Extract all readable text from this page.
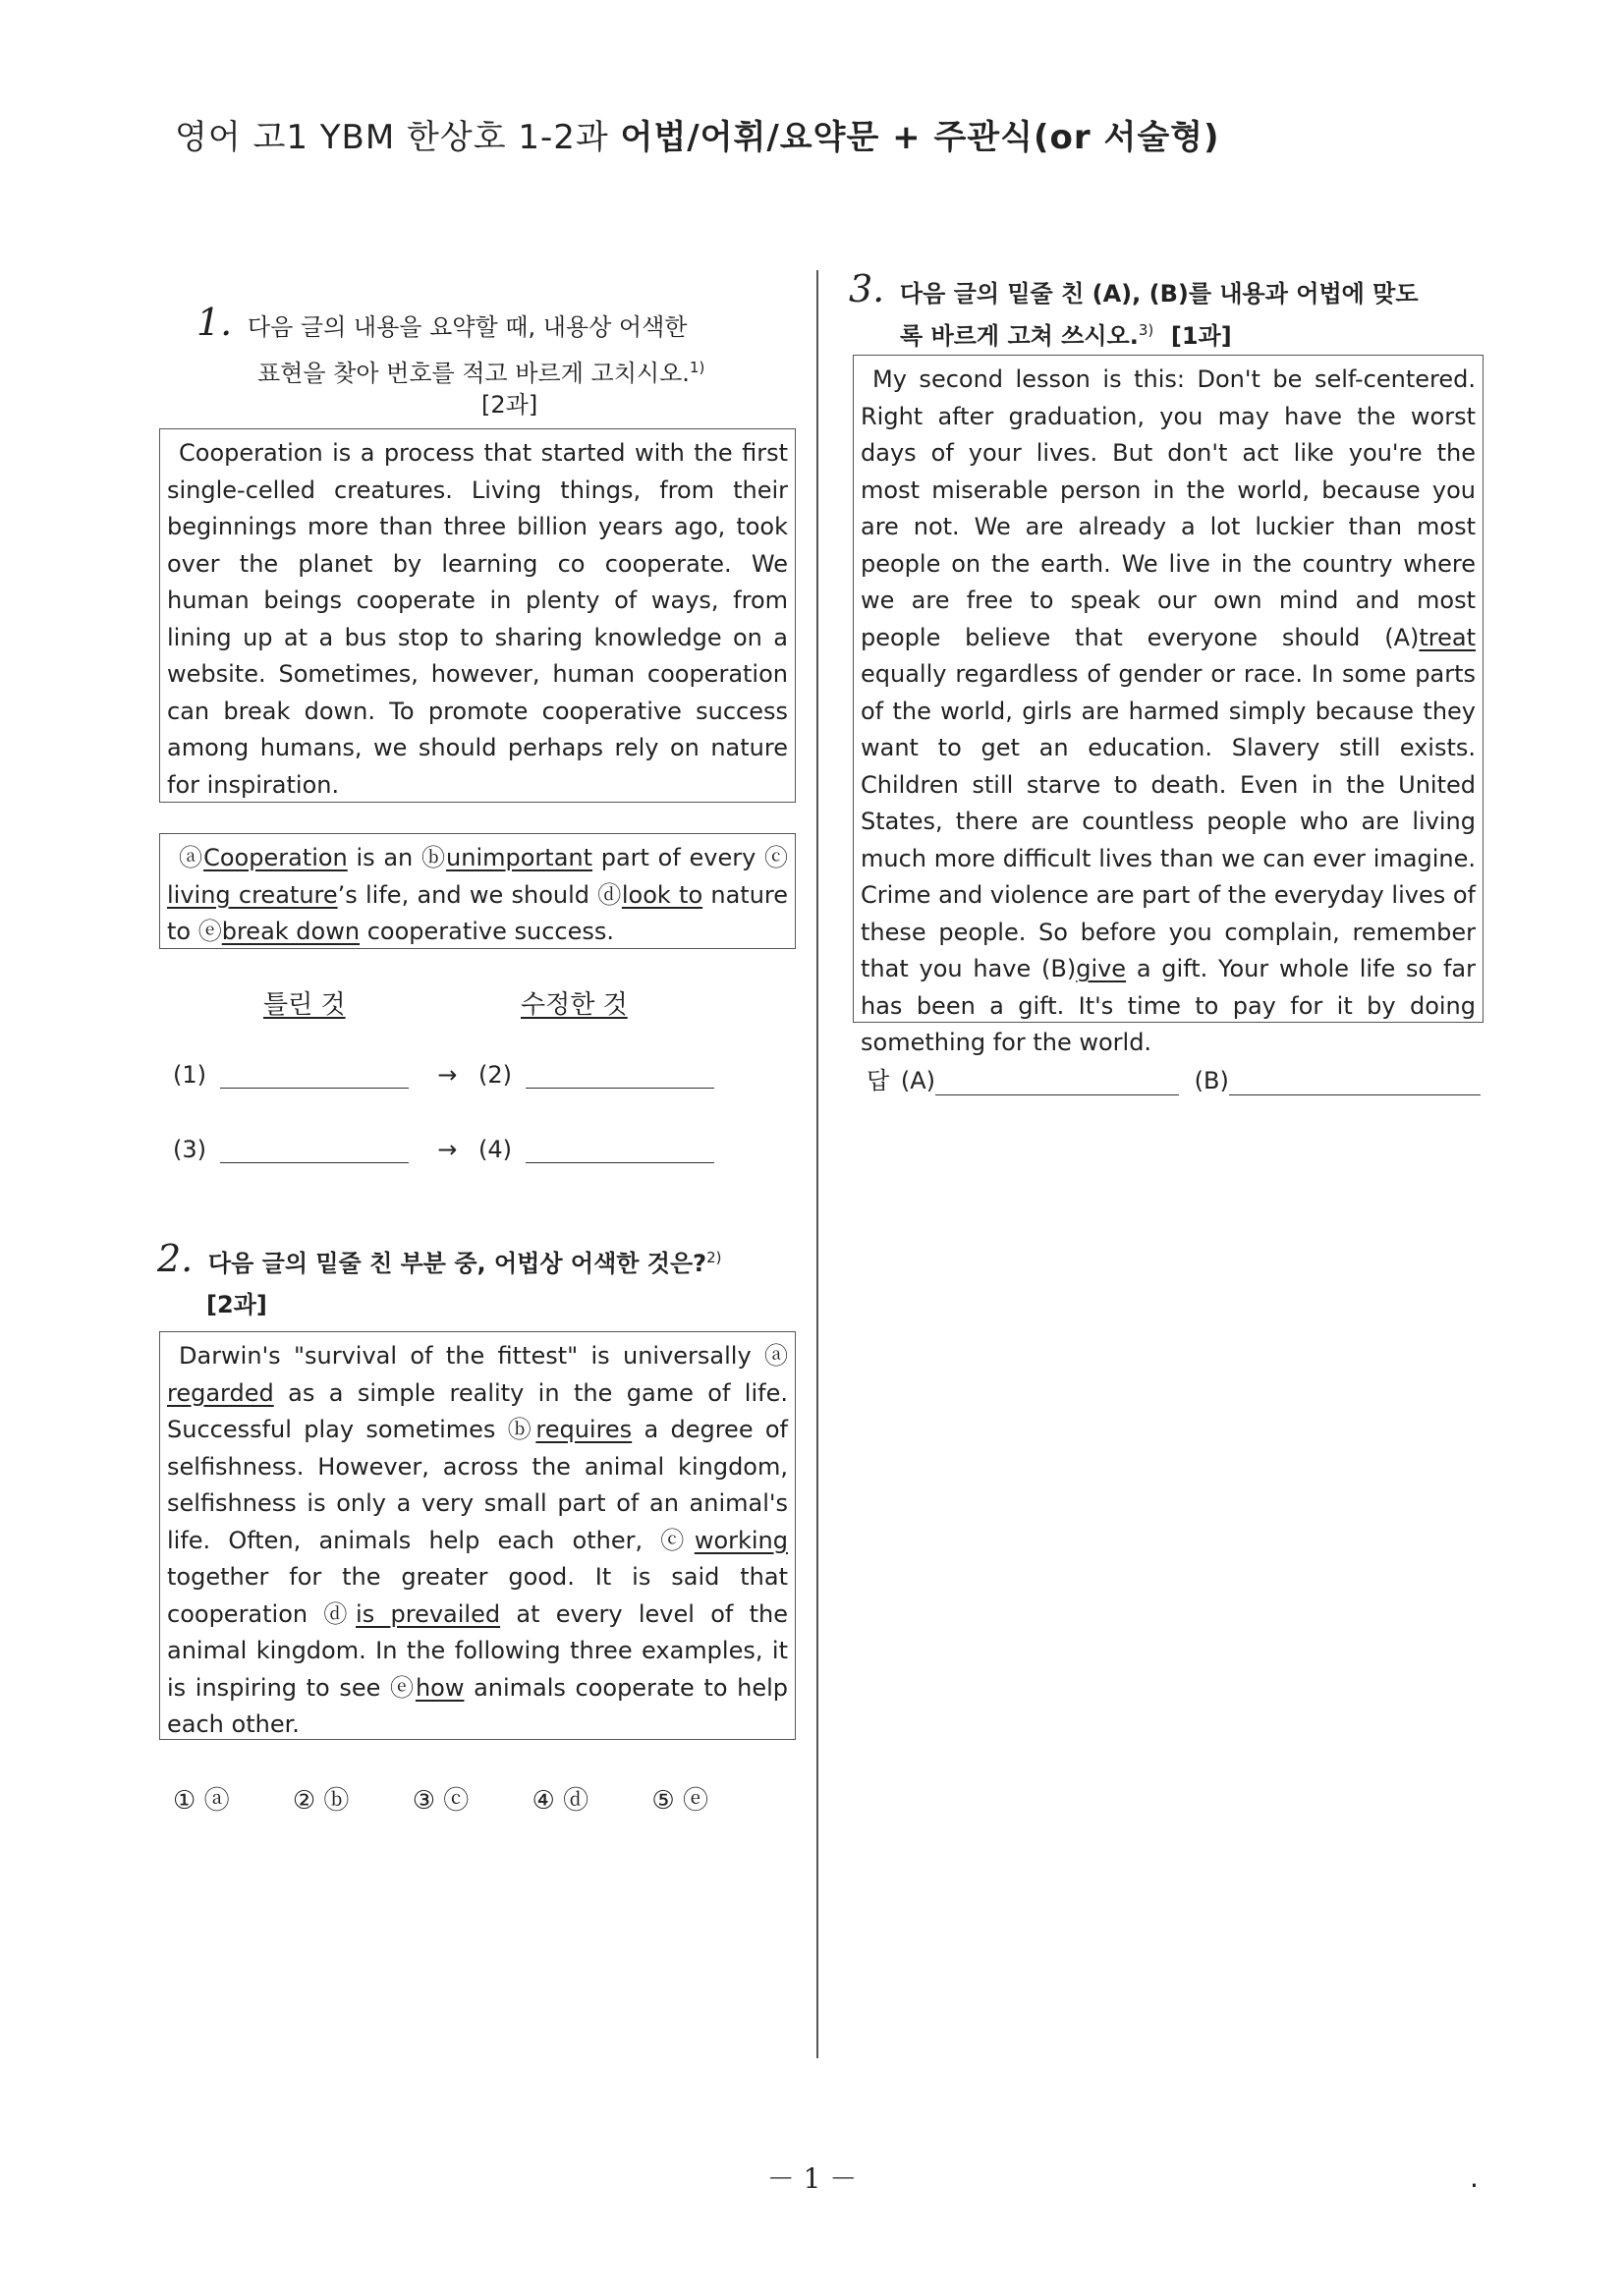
영어 고1 YBM 한상호 1-2과 어법/어휘/요약문 + 주관식(or 서술형)
1. 다음 글의 내용을 요약할 때, 내용상 어색한
표현을 찾아 번호를 적고 바르게 고치시오.$^{1)}$
[2과]
Cooperation is a process that started with the first single-celled creatures. Living things, from their beginnings more than three billion years ago, took over the planet by learning co cooperate. We human beings cooperate in plenty of ways, from lining up at a bus stop to sharing knowledge on a website. Sometimes, however, human cooperation can break down. To promote cooperative success among humans, we should perhaps rely on nature for inspiration.
ⓐCooperation is an ⓑunimportant part of every ⓒ living creature’s life, and we should ⓓlook to nature to ⓔbreak down cooperative success.
틀린 것	수정한 것
(1)	→ (2)
(3)	→ (4)
2. 다음 글의 밑줄 친 부분 중, 어법상 어색한 것은?$^{2)}$
[2과]
Darwin's "survival of the fittest" is universally ⓐ regarded as a simple reality in the game of life. Successful play sometimes ⓑrequires a degree of selfishness. However, across the animal kingdom, selfishness is only a very small part of an animal's life. Often, animals help each other, ⓒworking together for the greater good. It is said that cooperation ⓓis prevailed at every level of the animal kingdom. In the following three examples, it is inspiring to see ⓔhow animals cooperate to help each other.
① ⓐ ② ⓑ ③ ⓒ ④ ⓓ ⑤ ⓔ
3. 다음 글의 밑줄 친 (A), (B)를 내용과 어법에 맞도
록 바르게 고쳐 쓰시오.$^{3)}$ [1과]
My second lesson is this: Don't be self-centered. Right after graduation, you may have the worst days of your lives. But don't act like you're the most miserable person in the world, because you are not. We are already a lot luckier than most people on the earth. We live in the country where we are free to speak our own mind and most people believe that everyone should (A)treat equally regardless of gender or race. In some parts of the world, girls are harmed simply because they want to get an education. Slavery still exists. Children still starve to death. Even in the United States, there are countless people who are living much more difficult lives than we can ever imagine. Crime and violence are part of the everyday lives of these people. So before you complain, remember that you have (B)give a gift. Your whole life so far has been a gift. It's time to pay for it by doing something for the world.
답 (A)	(B)
－ 1 －	.
